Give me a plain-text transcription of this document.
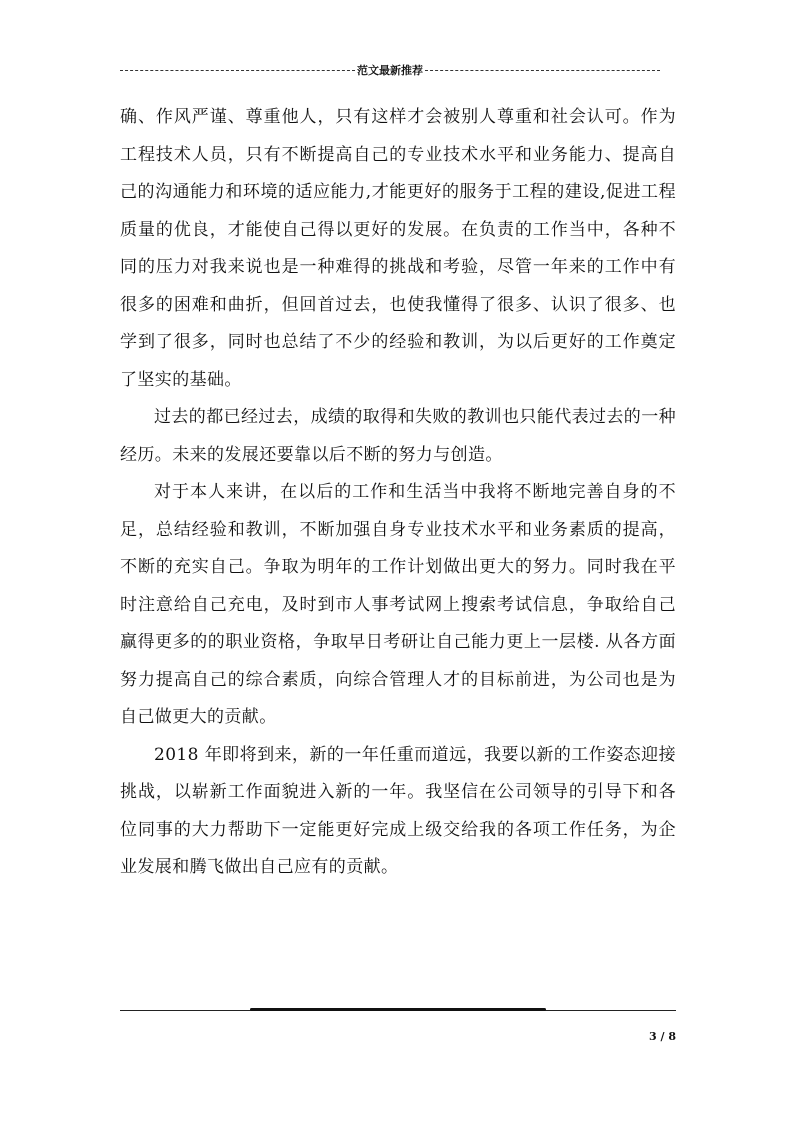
范文最新推荐

确、作风严谨、尊重他人，只有这样才会被别人尊重和社会认可。作为工程技术人员，只有不断提高自己的专业技术水平和业务能力、提高自己的沟通能力和环境的适应能力,才能更好的服务于工程的建设,促进工程质量的优良，才能使自己得以更好的发展。在负责的工作当中，各种不同的压力对我来说也是一种难得的挑战和考验，尽管一年来的工作中有很多的困难和曲折，但回首过去，也使我懂得了很多、认识了很多、也学到了很多，同时也总结了不少的经验和教训，为以后更好的工作奠定了坚实的基础。

过去的都已经过去，成绩的取得和失败的教训也只能代表过去的一种经历。未来的发展还要靠以后不断的努力与创造。

对于本人来讲，在以后的工作和生活当中我将不断地完善自身的不足，总结经验和教训，不断加强自身专业技术水平和业务素质的提高，不断的充实自己。争取为明年的工作计划做出更大的努力。同时我在平时注意给自己充电，及时到市人事考试网上搜索考试信息，争取给自己赢得更多的的职业资格，争取早日考研让自己能力更上一层楼. 从各方面努力提高自己的综合素质，向综合管理人才的目标前进，为公司也是为自己做更大的贡献。

2018 年即将到来，新的一年任重而道远，我要以新的工作姿态迎接挑战，以崭新工作面貌进入新的一年。我坚信在公司领导的引导下和各位同事的大力帮助下一定能更好完成上级交给我的各项工作任务，为企业发展和腾飞做出自己应有的贡献。

3 / 8
